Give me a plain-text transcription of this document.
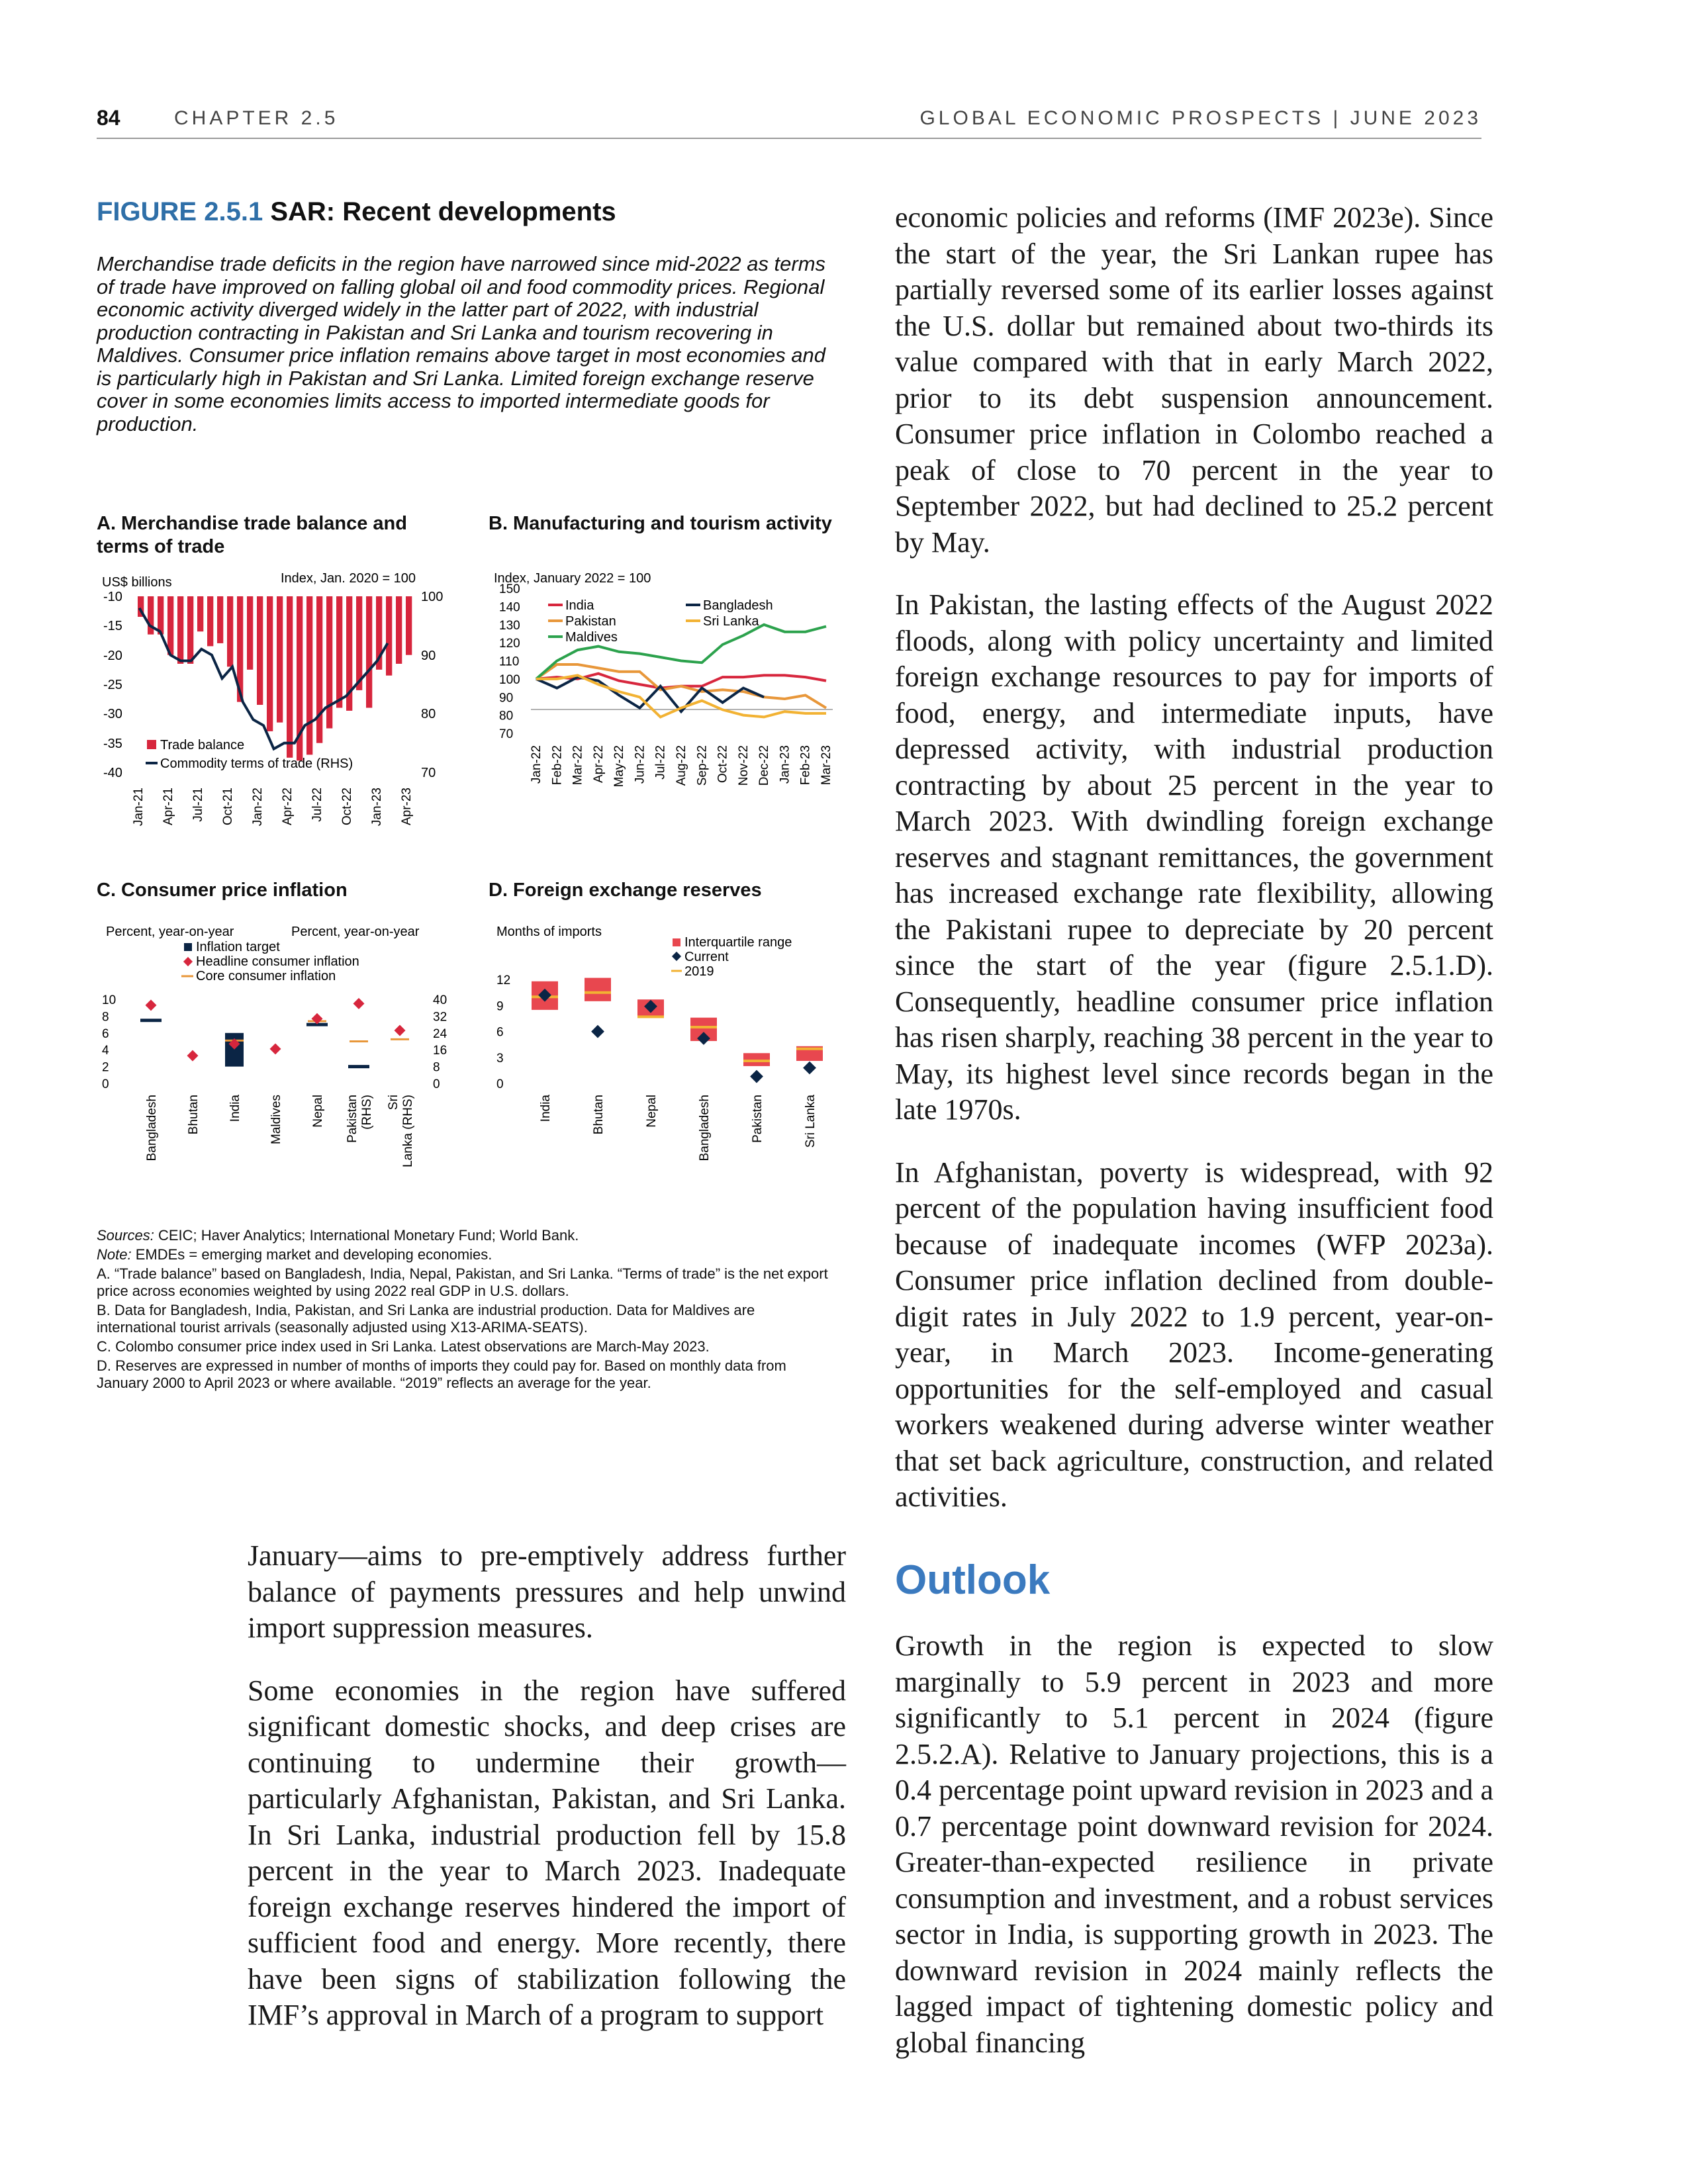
84	CHAPTER 2.5	GLOBAL ECONOMIC PROSPECTS | JUNE 2023
FIGURE 2.5.1 SAR: Recent developments
Merchandise trade deficits in the region have narrowed since mid-2022 as terms of trade have improved on falling global oil and food commodity prices. Regional economic activity diverged widely in the latter part of 2022, with industrial production contracting in Pakistan and Sri Lanka and tourism recovering in Maldives. Consumer price inflation remains above target in most economies and is particularly high in Pakistan and Sri Lanka. Limited foreign exchange reserve cover in some economies limits access to imported intermediate goods for production.
A. Merchandise trade balance and terms of trade
B. Manufacturing and tourism activity
C. Consumer price inflation	D. Foreign exchange reserves
US$ billions	Index, Jan. 2020 = 100
-10
-15
-20
-25
-30
-35
-40
100
90
80
70
Trade balance
Commodity terms of trade (RHS)
Jan-21 Apr-21 Jul-21 Oct-21 Jan-22 Apr-22 Jul-22 Oct-22 Jan-23 Apr-23
Index, January 2022 = 100
150
140
130
120
110
100
90
80
70
India
Pakistan
Maldives
Bangladesh
Sri Lanka
Jan-22 Feb-22 Mar-22 Apr-22 May-22 Jun-22 Jul-22 Aug-22 Sep-22 Oct-22 Nov-22 Dec-22 Jan-23 Feb-23 Mar-23
Percent, year-on-year	Percent, year-on-year
Inflation target
Headline consumer inflation
Core consumer inflation
10
8
6
4
2
0
40
32
24
16
8
0
Bangladesh Bhutan India Maldives Nepal Pakistan (RHS) Sri Lanka (RHS)
Months of imports
Interquartile range
Current
2019
12
9
6
3
0
India	Bhutan	Nepal	Bangladesh	Pakistan	Sri Lanka
Sources: CEIC; Haver Analytics; International Monetary Fund; World Bank.
Note: EMDEs = emerging market and developing economies.
A. “Trade balance” based on Bangladesh, India, Nepal, Pakistan, and Sri Lanka. “Terms of trade” is the net export price across economies weighted by using 2022 real GDP in U.S. dollars.
B. Data for Bangladesh, India, Pakistan, and Sri Lanka are industrial production. Data for Maldives are international tourist arrivals (seasonally adjusted using X13-ARIMA-SEATS).
C. Colombo consumer price index used in Sri Lanka. Latest observations are March-May 2023.
D. Reserves are expressed in number of months of imports they could pay for. Based on monthly data from January 2000 to April 2023 or where available. “2019” reflects an average for the year.

January—aims to pre-emptively address further balance of payments pressures and help unwind import suppression measures.

Some economies in the region have suffered significant domestic shocks, and deep crises are continuing to undermine their growth—particularly Afghanistan, Pakistan, and Sri Lanka. In Sri Lanka, industrial production fell by 15.8 percent in the year to March 2023. Inadequate foreign exchange reserves hindered the import of sufficient food and energy. More recently, there have been signs of stabilization following the IMF’s approval in March of a program to support

economic policies and reforms (IMF 2023e). Since the start of the year, the Sri Lankan rupee has partially reversed some of its earlier losses against the U.S. dollar but remained about two-thirds its value compared with that in early March 2022, prior to its debt suspension announcement. Consumer price inflation in Colombo reached a peak of close to 70 percent in the year to September 2022, but had declined to 25.2 percent by May.

In Pakistan, the lasting effects of the August 2022 floods, along with policy uncertainty and limited foreign exchange resources to pay for imports of food, energy, and intermediate inputs, have depressed activity, with industrial production contracting by about 25 percent in the year to March 2023. With dwindling foreign exchange reserves and stagnant remittances, the government has increased exchange rate flexibility, allowing the Pakistani rupee to depreciate by 20 percent since the start of the year (figure 2.5.1.D). Consequently, headline consumer price inflation has risen sharply, reaching 38 percent in the year to May, its highest level since records began in the late 1970s.

In Afghanistan, poverty is widespread, with 92 percent of the population having insufficient food because of inadequate incomes (WFP 2023a). Consumer price inflation declined from double-digit rates in July 2022 to 1.9 percent, year-on-year, in March 2023. Income-generating opportunities for the self-employed and casual workers weakened during adverse winter weather that set back agriculture, construction, and related activities.

Outlook

Growth in the region is expected to slow marginally to 5.9 percent in 2023 and more significantly to 5.1 percent in 2024 (figure 2.5.2.A). Relative to January projections, this is a 0.4 percentage point upward revision in 2023 and a 0.7 percentage point downward revision for 2024. Greater-than-expected resilience in private consumption and investment, and a robust services sector in India, is supporting growth in 2023. The downward revision in 2024 mainly reflects the lagged impact of tightening domestic policy and global financing
